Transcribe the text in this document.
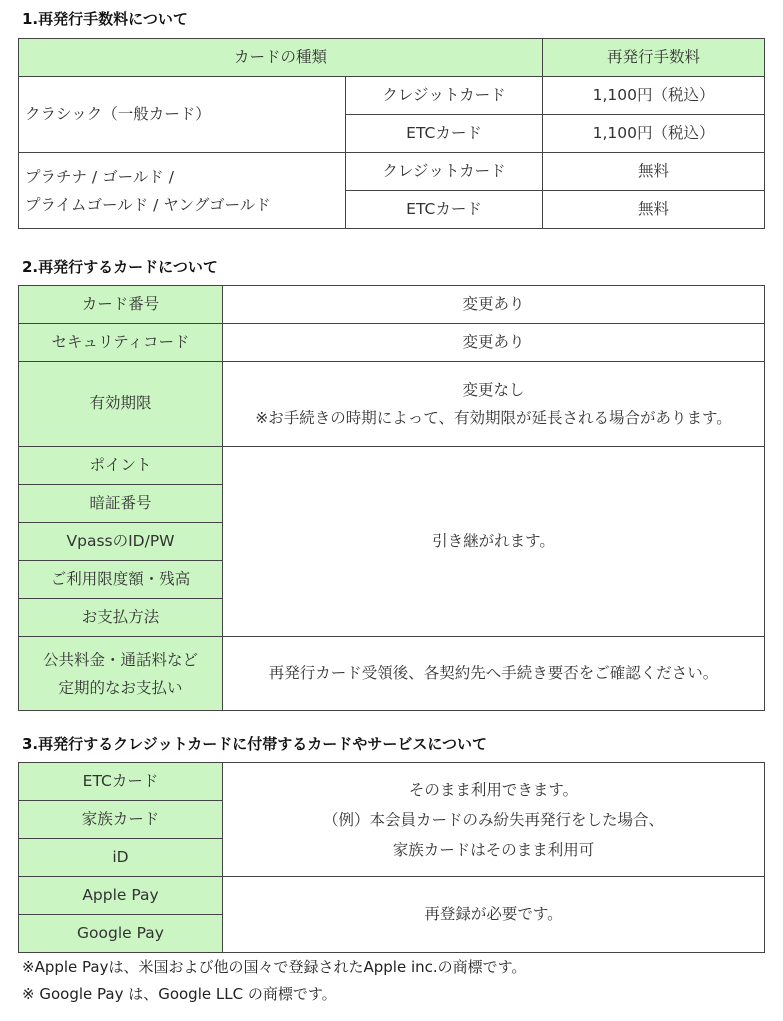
1.再発行手数料について

カードの種類		再発行手数料
クラシック（一般カード）	クレジットカード	1,100円（税込）
	ETCカード	1,100円（税込）

プラチナ / ゴールド /
プライムゴールド / ヤングゴールド	クレジットカード	無料
	ETCカード	無料

2.再発行するカードについて

カード番号	変更あり
セキュリティコード	変更あり
有効期限	変更なし
※お手続きの時期によって、有効期限が延長される場合があります。

ポイント	引き継がれます。
暗証番号	
VpassのID/PW	
ご利用限度額・残高	
お支払方法	

公共料金・通話料など
定期的なお支払い	再発行カード受領後、各契約先へ手続き要否をご確認ください。

3.再発行するクレジットカードに付帯するカードやサービスについて

ETCカード	そのまま利用できます。
（例）本会員カードのみ紛失再発行をした場合、
家族カードはそのまま利用可

家族カード	
iD	
Apple Pay	再登録が必要です。
Google Pay	

※Apple Payは、米国および他の国々で登録されたApple inc.の商標です。

※ Google Pay は、Google LLC の商標です。
